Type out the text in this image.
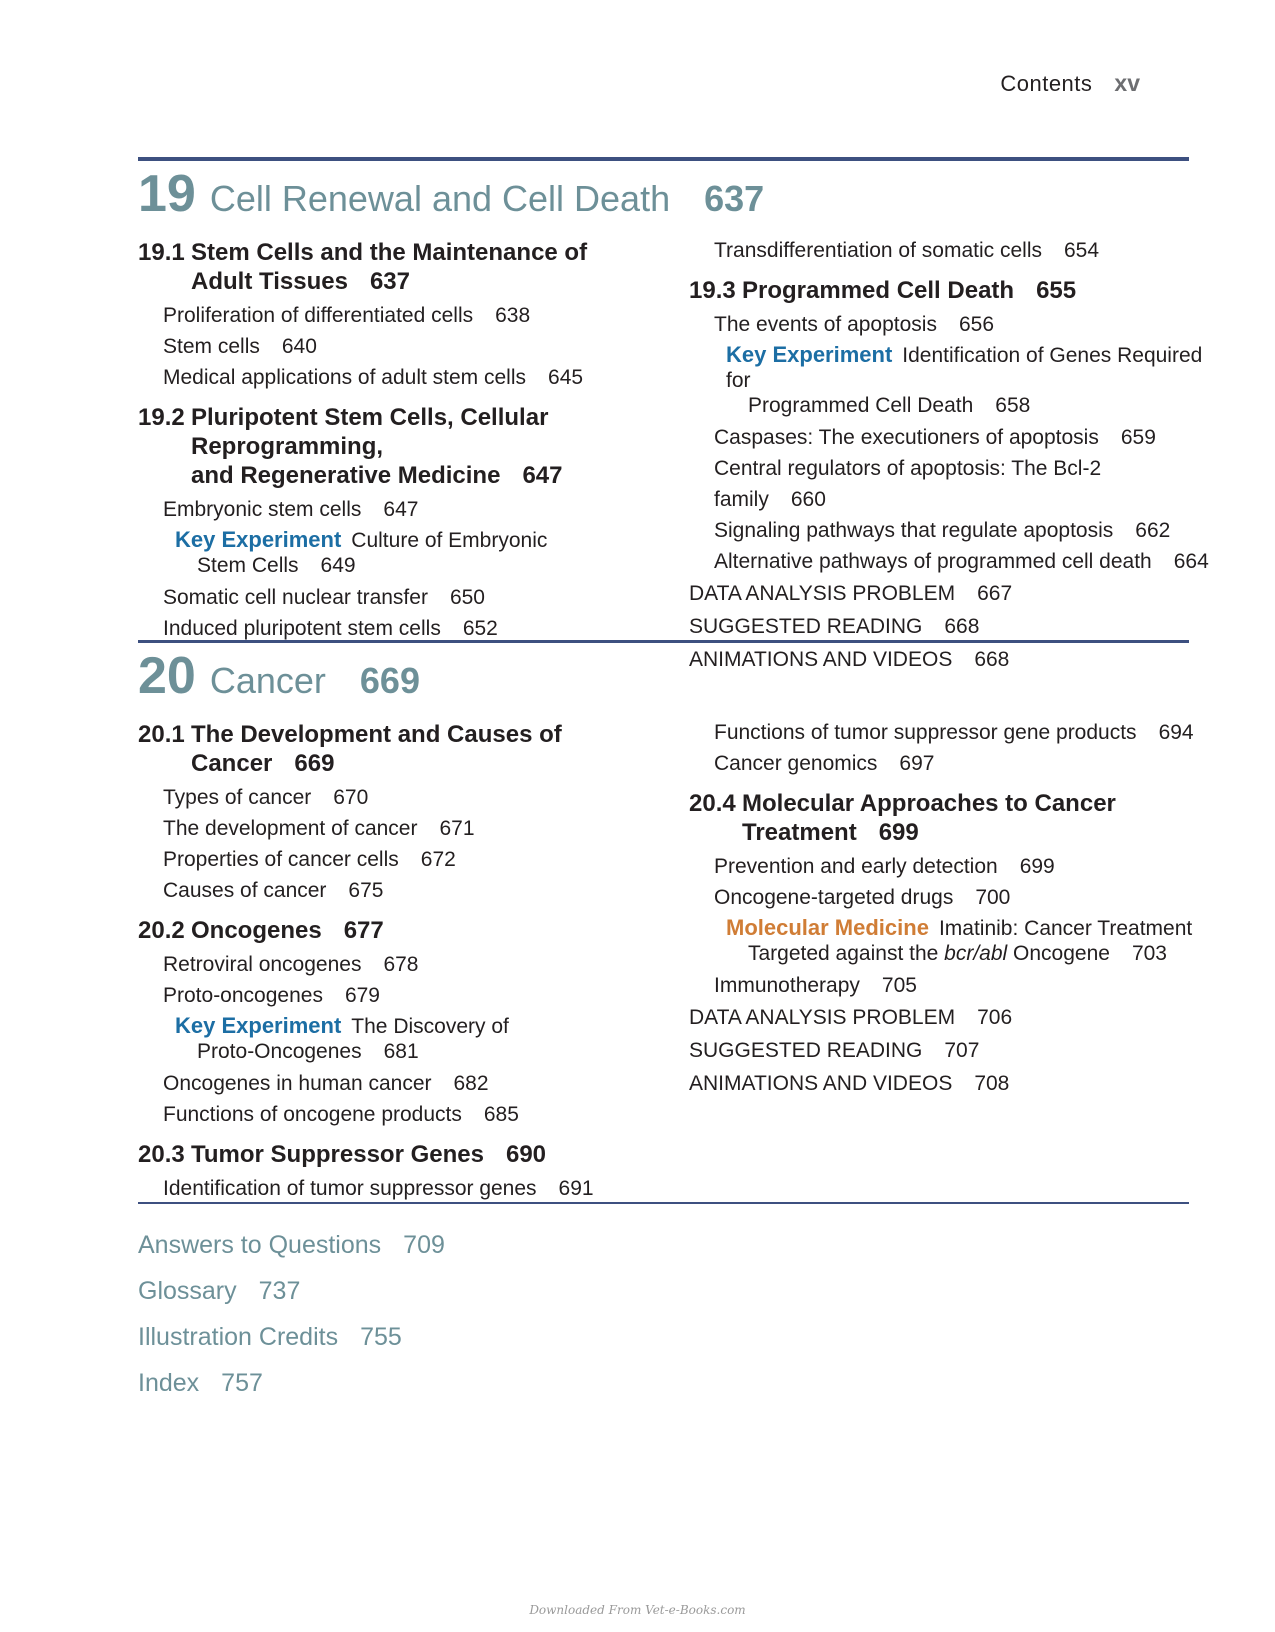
Contents xv
19 Cell Renewal and Cell Death 637
19.1 Stem Cells and the Maintenance of
Adult Tissues 637
Proliferation of differentiated cells 638
Stem cells 640
Medical applications of adult stem cells 645
19.2 Pluripotent Stem Cells, Cellular Reprogramming,
and Regenerative Medicine 647
Embryonic stem cells 647
Key Experiment Culture of Embryonic
Stem Cells 649
Somatic cell nuclear transfer 650
Induced pluripotent stem cells 652
Transdifferentiation of somatic cells 654
19.3 Programmed Cell Death 655
The events of apoptosis 656
Key Experiment Identification of Genes Required for
Programmed Cell Death 658
Caspases: The executioners of apoptosis 659
Central regulators of apoptosis: The Bcl-2 family 660
Signaling pathways that regulate apoptosis 662
Alternative pathways of programmed cell death 664
DATA ANALYSIS PROBLEM 667
SUGGESTED READING 668
ANIMATIONS AND VIDEOS 668
20 Cancer 669
20.1 The Development and Causes of Cancer 669
Types of cancer 670
The development of cancer 671
Properties of cancer cells 672
Causes of cancer 675
20.2 Oncogenes 677
Retroviral oncogenes 678
Proto-oncogenes 679
Key Experiment The Discovery of
Proto-Oncogenes 681
Oncogenes in human cancer 682
Functions of oncogene products 685
20.3 Tumor Suppressor Genes 690
Identification of tumor suppressor genes 691
Functions of tumor suppressor gene products 694
Cancer genomics 697
20.4 Molecular Approaches to Cancer
Treatment 699
Prevention and early detection 699
Oncogene-targeted drugs 700
Molecular Medicine Imatinib: Cancer Treatment
Targeted against the bcr/abl Oncogene 703
Immunotherapy 705
DATA ANALYSIS PROBLEM 706
SUGGESTED READING 707
ANIMATIONS AND VIDEOS 708
Answers to Questions 709
Glossary 737
Illustration Credits 755
Index 757
Downloaded From Vet-e-Books.com
